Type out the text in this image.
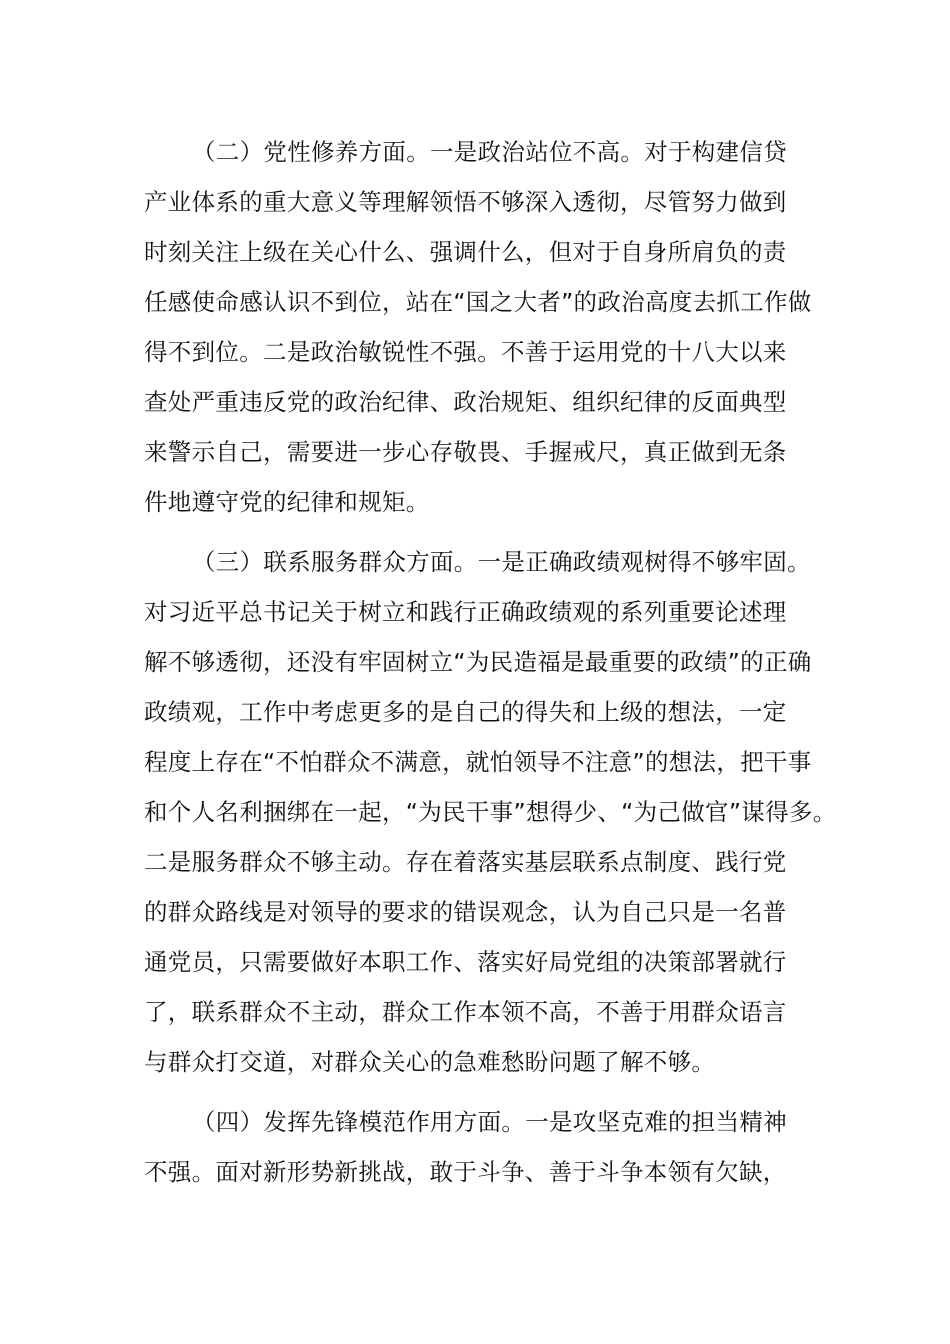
（二）党性修养方面。一是政治站位不高。对于构建信贷
产业体系的重大意义等理解领悟不够深入透彻，尽管努力做到
时刻关注上级在关心什么、强调什么，但对于自身所肩负的责
任感使命感认识不到位，站在“国之大者”的政治高度去抓工作做
得不到位。二是政治敏锐性不强。不善于运用党的十八大以来
查处严重违反党的政治纪律、政治规矩、组织纪律的反面典型
来警示自己，需要进一步心存敬畏、手握戒尺，真正做到无条
件地遵守党的纪律和规矩。
（三）联系服务群众方面。一是正确政绩观树得不够牢固。
对习近平总书记关于树立和践行正确政绩观的系列重要论述理
解不够透彻，还没有牢固树立“为民造福是最重要的政绩”的正确
政绩观，工作中考虑更多的是自己的得失和上级的想法，一定
程度上存在“不怕群众不满意，就怕领导不注意”的想法，把干事
和个人名利捆绑在一起，“为民干事”想得少、“为己做官”谋得多。
二是服务群众不够主动。存在着落实基层联系点制度、践行党
的群众路线是对领导的要求的错误观念，认为自己只是一名普
通党员，只需要做好本职工作、落实好局党组的决策部署就行
了，联系群众不主动，群众工作本领不高，不善于用群众语言
与群众打交道，对群众关心的急难愁盼问题了解不够。
（四）发挥先锋模范作用方面。一是攻坚克难的担当精神
不强。面对新形势新挑战，敢于斗争、善于斗争本领有欠缺，
